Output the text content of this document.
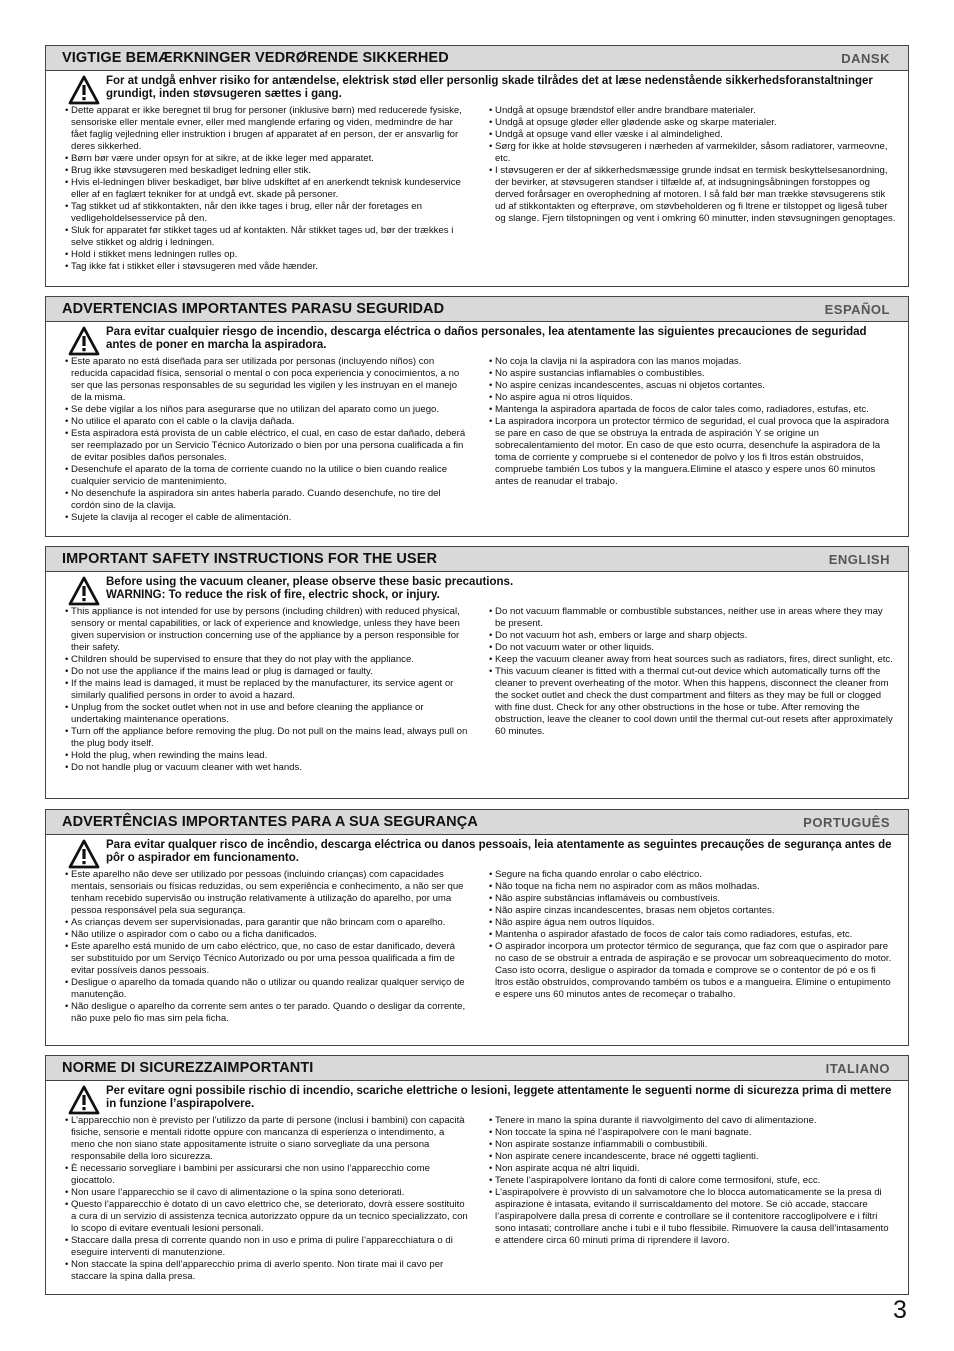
VIGTIGE BEMÆRKNINGER VEDRØRENDE SIKKERHED	DANSK
For at undgå enhver risiko for antændelse, elektrisk stød eller personlig skade tilrådes det at læse nedenstående sikkerhedsforanstaltninger grundigt, inden støvsugeren sættes i gang.
• Dette apparat er ikke beregnet til brug for personer (inklusive børn) med reducerede fysiske, sensoriske eller mentale evner, eller med manglende erfaring og viden, medmindre de har fået faglig vejledning eller instruktion i brugen af apparatet af en person, der er ansvarlig for deres sikkerhed.
• Børn bør være under opsyn for at sikre, at de ikke leger med apparatet.
• Brug ikke støvsugeren med beskadiget ledning eller stik.
• Hvis el-ledningen bliver beskadiget, bør blive udskiftet af en anerkendt teknisk kundeservice eller af en faglært tekniker for at undgå evt. skade på personer.
• Tag stikket ud af stikkontakten, når den ikke tages i brug, eller når der foretages en vedligeholdelsesservice på den.
• Sluk for apparatet før stikket tages ud af kontakten. Når stikket tages ud, bør der trækkes i selve stikket og aldrig i ledningen.
• Hold i stikket mens ledningen rulles op.
• Tag ikke fat i stikket eller i støvsugeren med våde hænder.
• Undgå at opsuge brændstof eller andre brandbare materialer.
• Undgå at opsuge gløder eller glødende aske og skarpe materialer.
• Undgå at opsuge vand eller væske i al almindelighed.
• Sørg for ikke at holde støvsugeren i nærheden af varmekilder, såsom radiatorer, varmeovne, etc.
• I støvsugeren er der af sikkerhedsmæssige grunde indsat en termisk beskyttelsesanordning, der bevirker, at støvsugeren standser i tilfælde af, at indsugningsåbningen forstoppes og derved forårsager en overophedning af motoren. I så fald bør man trække støvsugerens stik ud af stikkontakten og efterprøve, om støvbeholderen og fi ltrene er tilstoppet og ligeså tuber og slange. Fjern tilstopningen og vent i omkring 60 minutter, inden støvsugningen genoptages.
ADVERTENCIAS IMPORTANTES PARASU SEGURIDAD	ESPAÑOL
Para evitar cualquier riesgo de incendio, descarga eléctrica o daños personales, lea atentamente las siguientes precauciones de seguridad antes de poner en marcha la aspiradora.
• Este aparato no está diseñada para ser utilizada por personas (incluyendo niños) con reducida capacidad física, sensorial o mental o con poca experiencia y conocimientos, a no ser que las personas responsables de su seguridad les vigilen y les instruyan en el manejo de la misma.
• Se debe vigilar a los niños para asegurarse que no utilizan del aparato como un juego.
• No utilice el aparato con el cable o la clavija dañada.
• Esta aspiradora está provista de un cable eléctrico, el cual, en caso de estar dañado, deberá ser reemplazado por un Servicio Técnico Autorizado o bien por una persona cualificada a fin de evitar posibles daños personales.
• Desenchufe el aparato de la toma de corriente cuando no la utilice o bien cuando realice cualquier servicio de mantenimiento.
• No desenchufe la aspiradora sin antes haberla parado. Cuando desenchufe, no tire del cordón sino de la clavija.
• Sujete la clavija al recoger el cable de alimentación.
• No coja la clavija ni la aspiradora con las manos mojadas.
• No aspire sustancias inflamables o combustibles.
• No aspire cenizas incandescentes, ascuas ni objetos cortantes.
• No aspire agua ni otros líquidos.
• Mantenga la aspiradora apartada de focos de calor tales como, radiadores, estufas, etc.
• La aspiradora incorpora un protector térmico de seguridad, el cual provoca que la aspiradora se pare en caso de que se obstruya la entrada de aspiración Y se origine un sobrecalentamiento del motor. En caso de que esto ocurra, desenchufe la aspiradora de la toma de corriente y compruebe si el contenedor de polvo y los fi ltros están obstruidos, compruebe también Los tubos y la manguera.Elimine el atasco y espere unos 60 minutos antes de reanudar el trabajo.
IMPORTANT SAFETY INSTRUCTIONS FOR THE USER	ENGLISH
Before using the vacuum cleaner, please observe these basic precautions.
WARNING: To reduce the risk of fire, electric shock, or injury.
• This appliance is not intended for use by persons (including children) with reduced physical, sensory or mental capabilities, or lack of experience and knowledge, unless they have been given supervision or instruction concerning use of the appliance by a person responsible for their safety.
• Children should be supervised to ensure that they do not play with the appliance.
• Do not use the appliance if the mains lead or plug is damaged or faulty.
• If the mains lead is damaged, it must be replaced by the manufacturer, its service agent or similarly qualified persons in order to avoid a hazard.
• Unplug from the socket outlet when not in use and before cleaning the appliance or undertaking maintenance operations.
• Turn off the appliance before removing the plug. Do not pull on the mains lead, always pull on the plug body itself.
• Hold the plug, when rewinding the mains lead.
• Do not handle plug or vacuum cleaner with wet hands.
• Do not vacuum flammable or combustible substances, neither use in areas where they may be present.
• Do not vacuum hot ash, embers or large and sharp objects.
• Do not vacuum water or other liquids.
• Keep the vacuum cleaner away from heat sources such as radiators, fires, direct sunlight, etc.
• This vacuum cleaner is fitted with a thermal cut-out device which automatically turns off the cleaner to prevent overheating of the motor. When this happens, disconnect the cleaner from the socket outlet and check the dust compartment and filters as they may be full or clogged with fine dust. Check for any other obstructions in the hose or tube. After removing the obstruction, leave the cleaner to cool down until the thermal cut-out resets after approximately 60 minutes.
ADVERTÊNCIAS IMPORTANTES PARA A SUA SEGURANÇA	PORTUGUÊS
Para evitar qualquer risco de incêndio, descarga eléctrica ou danos pessoais, leia atentamente as seguintes precauções de segurança antes de pôr o aspirador em funcionamento.
• Este aparelho não deve ser utilizado por pessoas (incluindo crianças) com capacidades mentais, sensoriais ou físicas reduzidas, ou sem experiência e conhecimento, a não ser que tenham recebido supervisão ou instrução relativamente à utilização do aparelho, por uma pessoa responsável pela sua segurança.
• As crianças devem ser supervisionadas, para garantir que não brincam com o aparelho.
• Não utilize o aspirador com o cabo ou a ficha danificados.
• Este aparelho está munido de um cabo eléctrico, que, no caso de estar danificado, deverá ser substituído por um Serviço Técnico Autorizado ou por uma pessoa qualificada a fim de evitar possíveis danos pessoais.
• Desligue o aparelho da tomada quando não o utilizar ou quando realizar qualquer serviço de manutenção.
• Não desligue o aparelho da corrente sem antes o ter parado. Quando o desligar da corrente, não puxe pelo fio mas sim pela ficha.
• Segure na ficha quando enrolar o cabo eléctrico.
• Não toque na ficha nem no aspirador com as mãos molhadas.
• Não aspire substâncias inflamáveis ou combustíveis.
• Não aspire cinzas incandescentes, brasas nem objetos cortantes.
• Não aspire água nem outros líquidos.
• Mantenha o aspirador afastado de focos de calor tais como radiadores, estufas, etc.
• O aspirador incorpora um protector térmico de segurança, que faz com que o aspirador pare no caso de se obstruir a entrada de aspiração e se provocar um sobreaquecimento do motor. Caso isto ocorra, desligue o aspirador da tomada e comprove se o contentor de pó e os fi ltros estão obstruídos, comprovando também os tubos e a mangueira. Elimine o entupimento e espere uns 60 minutos antes de recomeçar o trabalho.
NORME DI SICUREZZAIMPORTANTI	ITALIANO
Per evitare ogni possibile rischio di incendio, scariche elettriche o lesioni, leggete attentamente le seguenti norme di sicurezza prima di mettere in funzione l’aspirapolvere.
• L’apparecchio non è previsto per l’utilizzo da parte di persone (inclusi i bambini) con capacità fisiche, sensorie e mentali ridotte oppure con mancanza di esperienza o intendimento, a meno che non siano state appositamente istruite o siano sorvegliate da una persona responsabile della loro sicurezza.
• È necessario sorvegliare i bambini per assicurarsi che non usino l’apparecchio come giocattolo.
• Non usare l’apparecchio se il cavo di alimentazione o la spina sono deteriorati.
• Questo l’apparecchio è dotato di un cavo elettrico che, se deteriorato, dovrà essere sostituito a cura di un servizio di assistenza tecnica autorizzato oppure da un tecnico specializzato, con lo scopo di evitare eventuali lesioni personali.
• Staccare dalla presa di corrente quando non in uso e prima di pulire l’apparecchiatura o di eseguire interventi di manutenzione.
• Non staccate la spina dell’apparecchio prima di averlo spento. Non tirate mai il cavo per staccare la spina dalla presa.
• Tenere in mano la spina durante il riavvolgimento del cavo di alimentazione.
• Non toccate la spina né l’aspirapolvere con le mani bagnate.
• Non aspirate sostanze infiammabili o combustibili.
• Non aspirate cenere incandescente, brace né oggetti taglienti.
• Non aspirate acqua né altri liquidi.
• Tenete l’aspirapolvere lontano da fonti di calore come termosifoni, stufe, ecc.
• L’aspirapolvere è provvisto di un salvamotore che lo blocca automaticamente se la presa di aspirazione è intasata, evitando il surriscaldamento del motore. Se ciò accade, staccare l’aspirapolvere dalla presa di corrente e controllare se il contenitore raccoglipolvere e i filtri sono intasati; controllare anche i tubi e il tubo flessibile. Rimuovere la causa dell’intasamento e attendere circa 60 minuti prima di riprendere il lavoro.
3
